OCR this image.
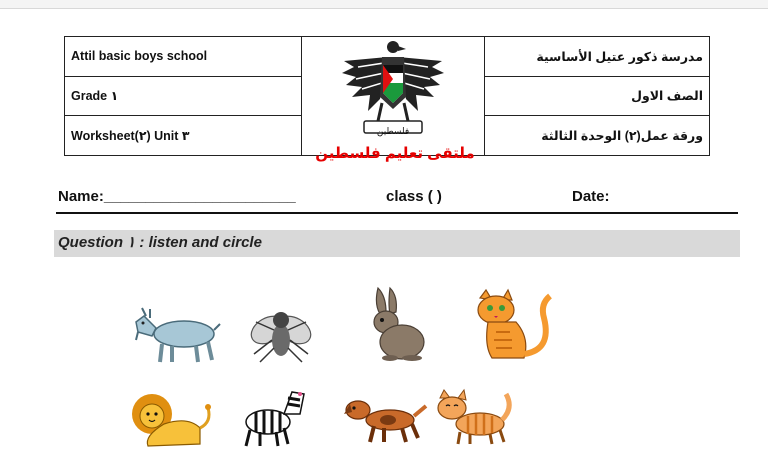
Attil basic boys school	فلسطين	مدرسة ذكور عتيل الأساسية
Grade ١		الصف الاول
Worksheet(٢) Unit ٣		ورقة عمل(٢) الوحدة الثالثة
ملتقى تعليم فلسطين
Name:_______________________	class ( )	Date:
Question ١ : listen and circle
